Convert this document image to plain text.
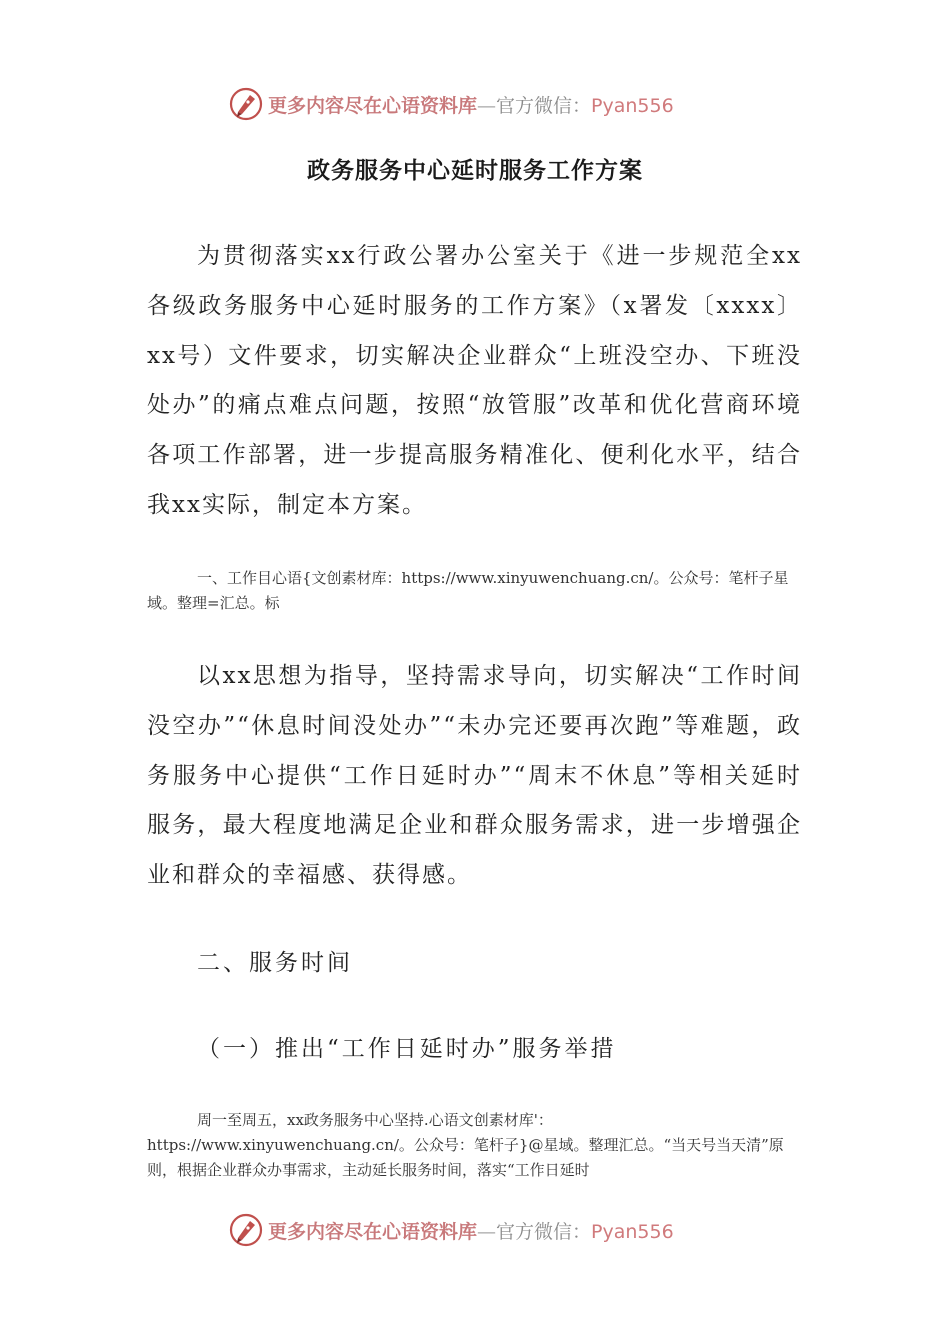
更多内容尽在心语资料库—官方微信：Pyan556
政务服务中心延时服务工作方案

为贯彻落实xx行政公署办公室关于《进一步规范全xx各级政务服务中心延时服务的工作方案》（x署发〔xxxx〕xx号）文件要求，切实解决企业群众“上班没空办、下班没处办”的痛点难点问题，按照“放管服”改革和优化营商环境各项工作部署，进一步提高服务精准化、便利化水平，结合我xx实际，制定本方案。

一、工作目心语{文创素材库：https://www.xinyuwenchuang.cn/。公众号：笔杆子星域。整理=汇总。标

以xx思想为指导，坚持需求导向，切实解决“工作时间没空办”“休息时间没处办”“未办完还要再次跑”等难题，政务服务中心提供“工作日延时办”“周末不休息”等相关延时服务，最大程度地满足企业和群众服务需求，进一步增强企业和群众的幸福感、获得感。

二、服务时间
（一）推出“工作日延时办”服务举措

周一至周五，xx政务服务中心坚持.心语文创素材库'：https://www.xinyuwenchuang.cn/。公众号：笔杆子}@星域。整理汇总。“当天号当天清”原则，根据企业群众办事需求，主动延长服务时间，落实“工作日延时

更多内容尽在心语资料库—官方微信：Pyan556
